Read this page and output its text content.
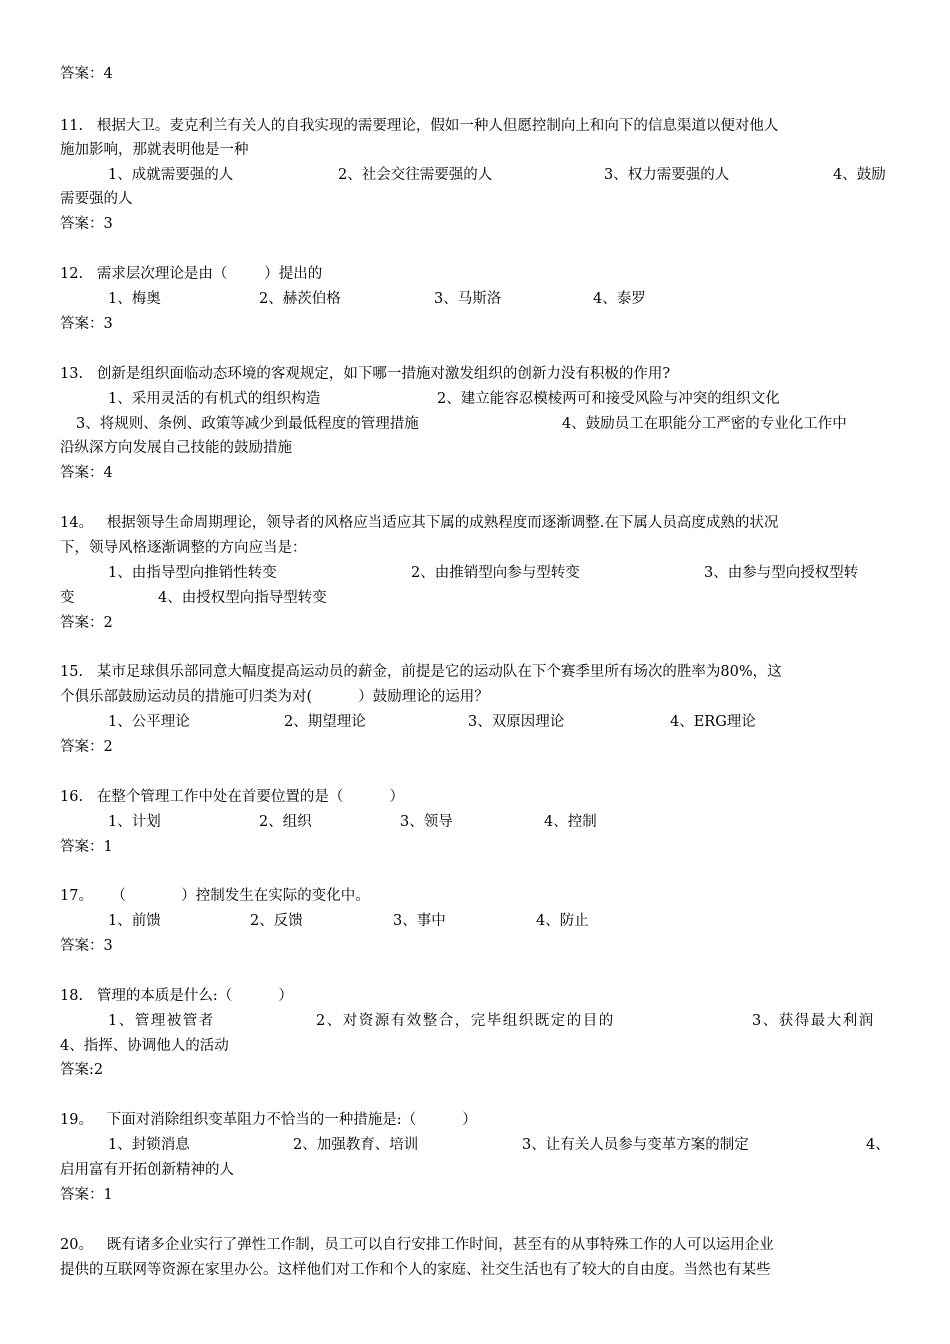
答案：4
11.   根据大卫。麦克利兰有关人的自我实现的需要理论，假如一种人但愿控制向上和向下的信息渠道以便对他人
施加影响，那就表明他是一种
1、成就需要强的人	2、社会交往需要强的人	3、权力需要强的人	4、鼓励
需要强的人
答案：3
12.   需求层次理论是由（        ）提出的
1、梅奥	2、赫茨伯格	3、马斯洛	4、泰罗
答案：3
13.   创新是组织面临动态环境的客观规定，如下哪一措施对激发组织的创新力没有积极的作用?
1、采用灵活的有机式的组织构造	2、建立能容忍模棱两可和接受风险与冲突的组织文化
3、将规则、条例、政策等减少到最低程度的管理措施	4、鼓励员工在职能分工严密的专业化工作中
沿纵深方向发展自己技能的鼓励措施
答案：4
14。   根据领导生命周期理论，领导者的风格应当适应其下属的成熟程度而逐渐调整.在下属人员高度成熟的状况
下，领导风格逐渐调整的方向应当是：
1、由指导型向推销性转变	2、由推销型向参与型转变	3、由参与型向授权型转
变	4、由授权型向指导型转变
答案：2
15.   某市足球俱乐部同意大幅度提高运动员的薪金，前提是它的运动队在下个赛季里所有场次的胜率为80%，这
个俱乐部鼓励运动员的措施可归类为对(          ）鼓励理论的运用？
1、公平理论	2、期望理论	3、双原因理论	4、ERG理论
答案：2
16.   在整个管理工作中处在首要位置的是（          ）
1、计划	2、组织	3、领导	4、控制
答案：1
17。    （            ）控制发生在实际的变化中。
1、前馈	2、反馈	3、事中	4、防止
答案：3
18.   管理的本质是什么:（          ）
1、管理被管者	2、对资源有效整合，完毕组织既定的目的	3、获得最大利润
4、指挥、协调他人的活动
答案:2
19。   下面对消除组织变革阻力不恰当的一种措施是:（          ）
1、封锁消息	2、加强教育、培训	3、让有关人员参与变革方案的制定	4、
启用富有开拓创新精神的人
答案：1
20。   既有诸多企业实行了弹性工作制，员工可以自行安排工作时间，甚至有的从事特殊工作的人可以运用企业
提供的互联网等资源在家里办公。这样他们对工作和个人的家庭、社交生活也有了较大的自由度。当然也有某些
